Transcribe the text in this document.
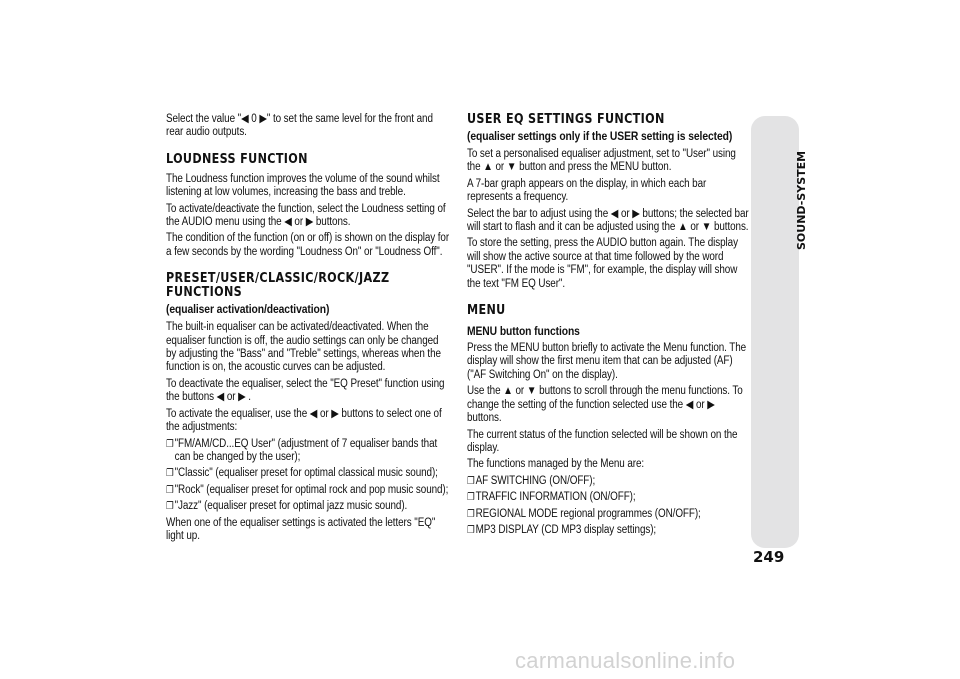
Select the value "◀ 0 ▶" to set the same level for the front and rear audio outputs.

LOUDNESS FUNCTION

The Loudness function improves the volume of the sound whilst listening at low volumes, increasing the bass and treble.

To activate/deactivate the function, select the Loudness setting of the AUDIO menu using the ◀ or ▶ buttons.

The condition of the function (on or off) is shown on the display for a few seconds by the wording "Loudness On" or "Loudness Off".

PRESET/USER/CLASSIC/ROCK/JAZZ FUNCTIONS
(equaliser activation/deactivation)

The built-in equaliser can be activated/deactivated. When the equaliser function is off, the audio settings can only be changed by adjusting the "Bass" and "Treble" settings, whereas when the function is on, the acoustic curves can be adjusted.

To deactivate the equaliser, select the "EQ Preset" function using the buttons ◀ or ▶ .

To activate the equaliser, use the ◀ or ▶ buttons to select one of the adjustments:

❐ "FM/AM/CD...EQ User" (adjustment of 7 equaliser bands that can be changed by the user);
❐ "Classic" (equaliser preset for optimal classical music sound);
❐ "Rock" (equaliser preset for optimal rock and pop music sound);
❐ "Jazz" (equaliser preset for optimal jazz music sound).

When one of the equaliser settings is activated the letters "EQ" light up.

USER EQ SETTINGS FUNCTION
(equaliser settings only if the USER setting is selected)

To set a personalised equaliser adjustment, set to "User" using the ▲ or ▼ button and press the MENU button.

A 7-bar graph appears on the display, in which each bar represents a frequency.

Select the bar to adjust using the ◀ or ▶ buttons; the selected bar will start to flash and it can be adjusted using the ▲ or ▼ buttons.

To store the setting, press the AUDIO button again. The display will show the active source at that time followed by the word "USER". If the mode is "FM", for example, the display will show the text "FM EQ User".

MENU
MENU button functions

Press the MENU button briefly to activate the Menu function. The display will show the first menu item that can be adjusted (AF) ("AF Switching On" on the display).

Use the ▲ or ▼ buttons to scroll through the menu functions. To change the setting of the function selected use the ◀ or ▶ buttons.

The current status of the function selected will be shown on the display.

The functions managed by the Menu are:

❐ AF SWITCHING (ON/OFF);
❐ TRAFFIC INFORMATION (ON/OFF);
❐ REGIONAL MODE regional programmes (ON/OFF);
❐ MP3 DISPLAY (CD MP3 display settings);
SOUND-SYSTEM
249
carmanualsonline.info
